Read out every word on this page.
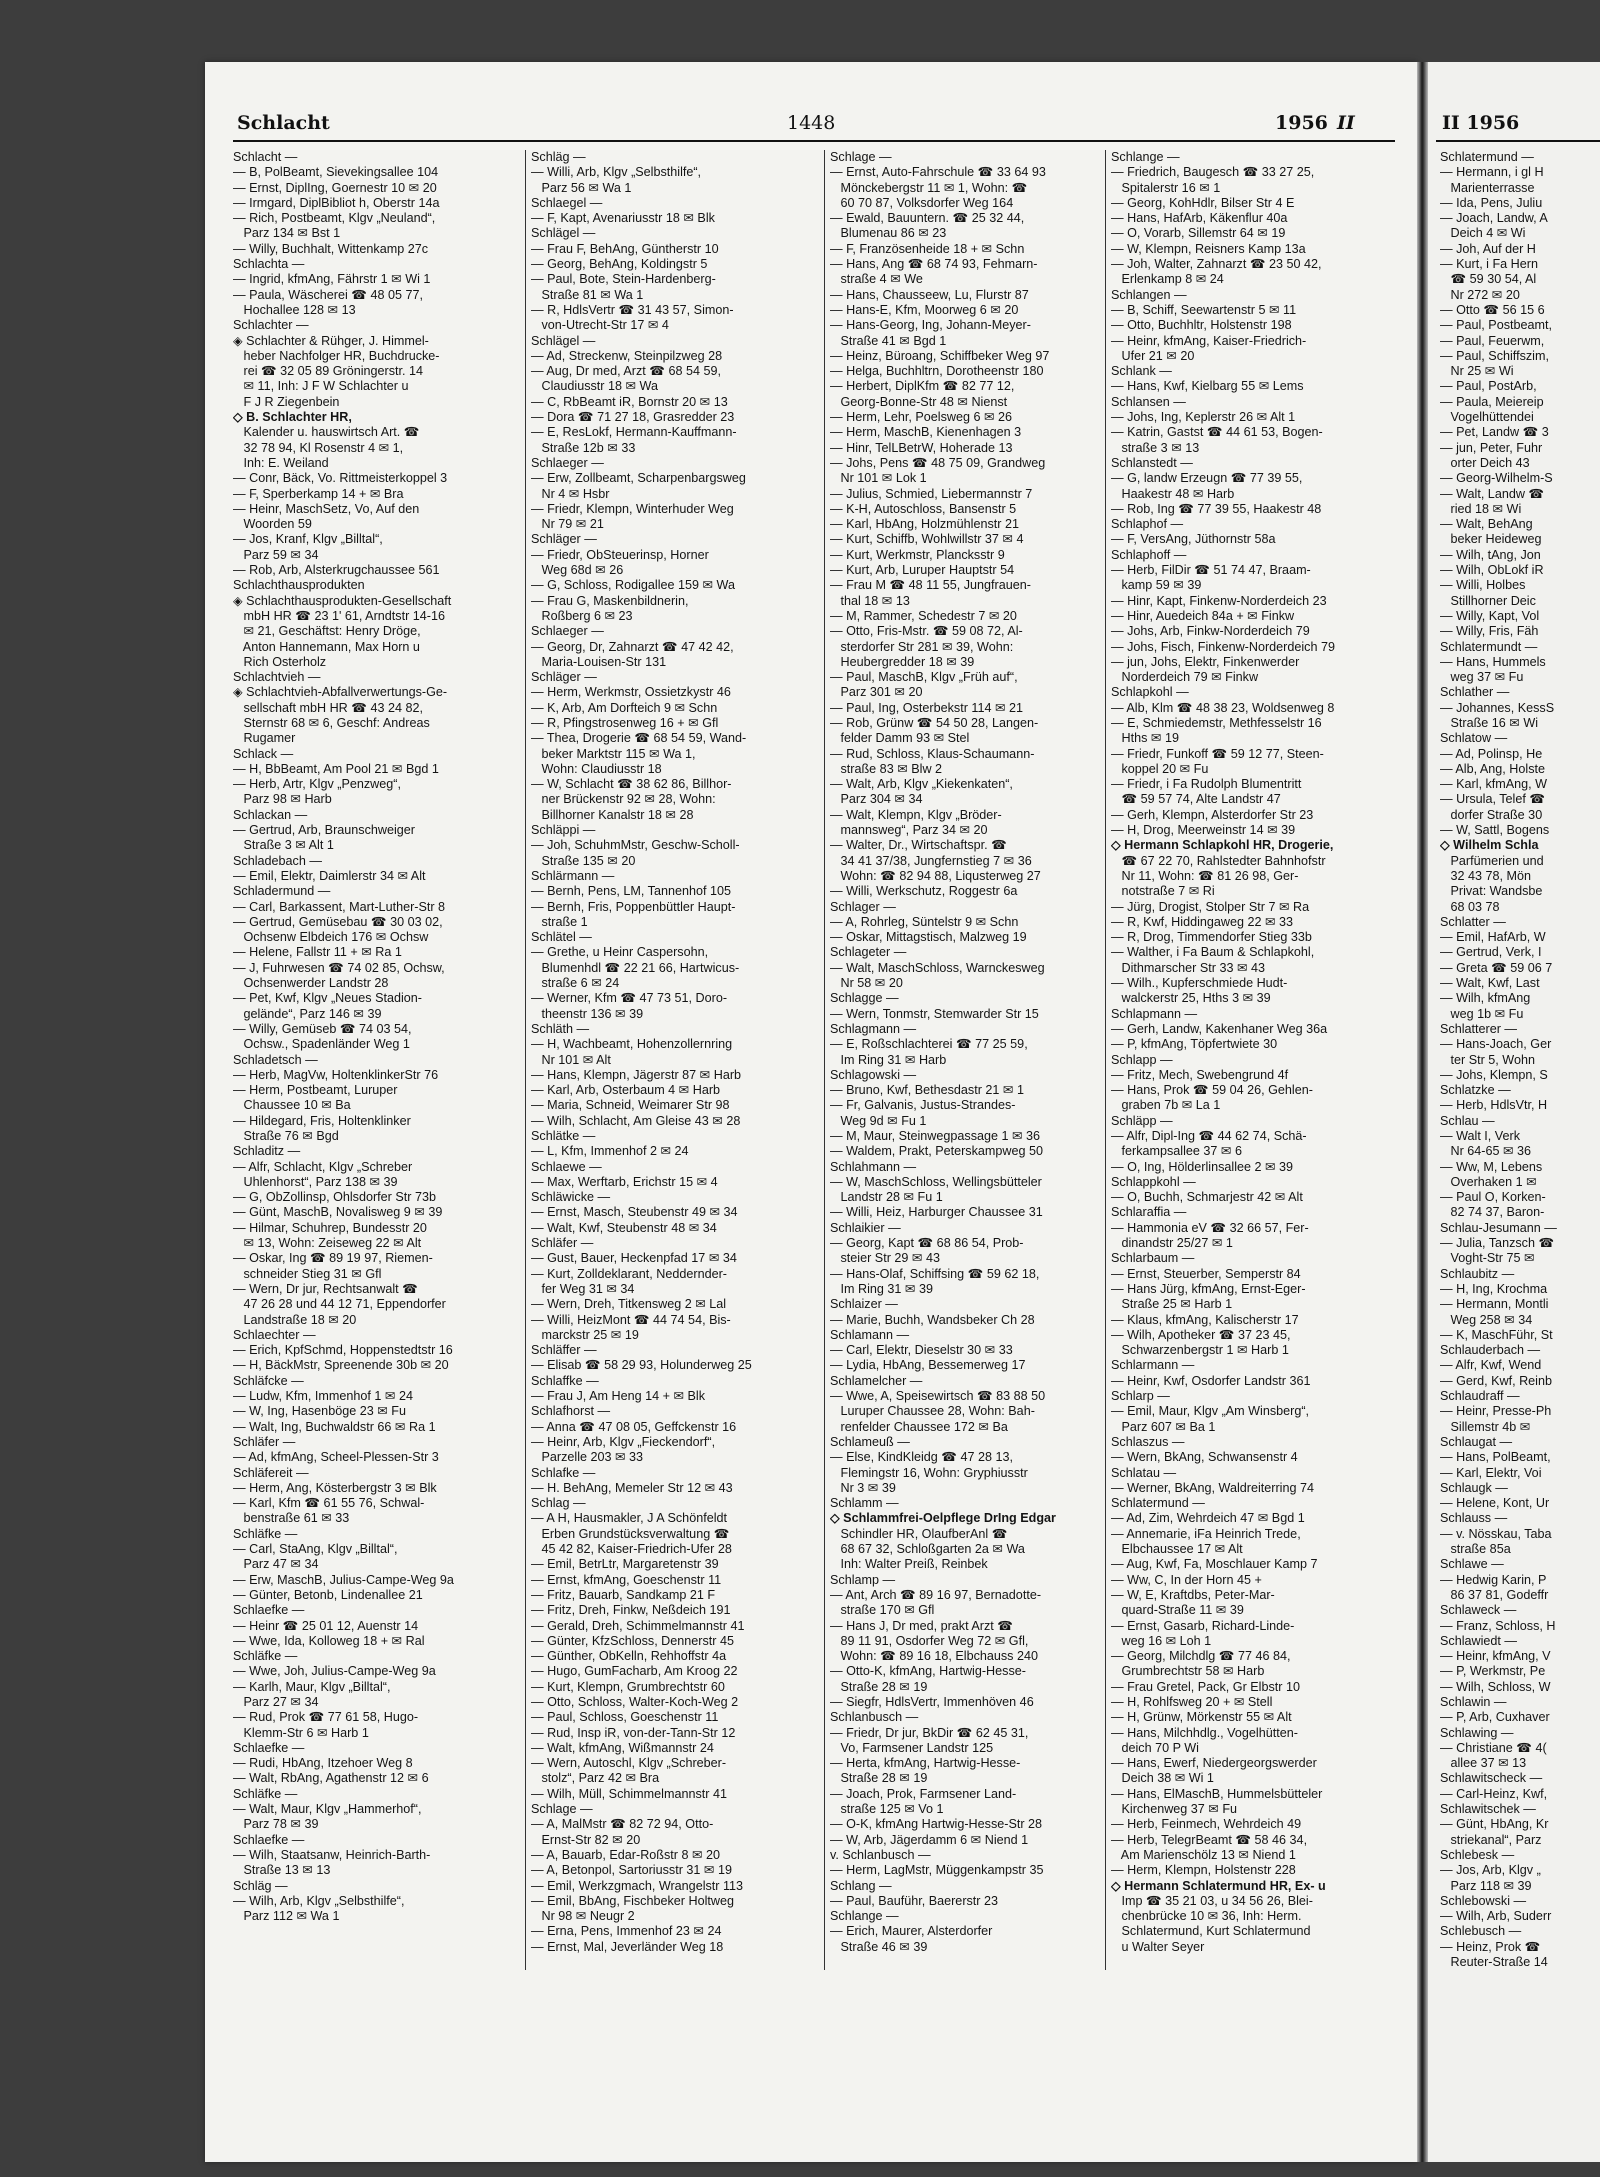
Schlacht	1448	1956 II
Schlacht —
— B, PolBeamt, Sievekingsallee 104
— Ernst, DiplIng, Goernestr 10 ✉ 20
— Irmgard, DiplBibliot h, Oberstr 14a
— Rich, Postbeamt, Klgv „Neuland“,
Parz 134 ✉ Bst 1
— Willy, Buchhalt, Wittenkamp 27c
Schlachta —
— Ingrid, kfmAng, Fährstr 1 ✉ Wi 1
— Paula, Wäscherei ☎ 48 05 77,
Hochallee 128 ✉ 13
Schlachter —
◈ Schlachter & Rühger, J. Himmel-
heber Nachfolger HR, Buchdrucke-
rei ☎ 32 05 89 Gröningerstr. 14
✉ 11, Inh: J F W Schlachter u
F J R Ziegenbein
◇ B. Schlachter HR,
Kalender u. hauswirtsch Art. ☎
32 78 94, Kl Rosenstr 4 ✉ 1,
Inh: E. Weiland
— Conr, Bäck, Vo. Rittmeisterkoppel 3
— F, Sperberkamp 14 + ✉ Bra
— Heinr, MaschSetz, Vo, Auf den
Woorden 59
— Jos, Kranf, Klgv „Billtal“,
Parz 59 ✉ 34
— Rob, Arb, Alsterkrugchaussee 561
Schlachthausprodukten
◈ Schlachthausprodukten-Gesellschaft
mbH HR ☎ 23 1' 61, Arndtstr 14-16
✉ 21, Geschäftst: Henry Dröge,
Anton Hannemann, Max Horn u
Rich Osterholz
Schlachtvieh —
◈ Schlachtvieh-Abfallverwertungs-Ge-
sellschaft mbH HR ☎ 43 24 82,
Sternstr 68 ✉ 6, Geschf: Andreas
Rugamer
Schlack —
— H, BbBeamt, Am Pool 21 ✉ Bgd 1
— Herb, Artr, Klgv „Penzweg“,
Parz 98 ✉ Harb
Schlackan —
— Gertrud, Arb, Braunschweiger
Straße 3 ✉ Alt 1
Schladebach —
— Emil, Elektr, Daimlerstr 34 ✉ Alt
Schladermund —
— Carl, Barkassent, Mart-Luther-Str 8
— Gertrud, Gemüsebau ☎ 30 03 02,
Ochsenw Elbdeich 176 ✉ Ochsw
— Helene, Fallstr 11 + ✉ Ra 1
— J, Fuhrwesen ☎ 74 02 85, Ochsw,
Ochsenwerder Landstr 28
— Pet, Kwf, Klgv „Neues Stadion-
gelände“, Parz 146 ✉ 39
— Willy, Gemüseb ☎ 74 03 54,
Ochsw., Spadenländer Weg 1
Schladetsch —
— Herb, MagVw, HoltenklinkerStr 76
— Herm, Postbeamt, Luruper
Chaussee 10 ✉ Ba
— Hildegard, Fris, Holtenklinker
Straße 76 ✉ Bgd
Schladitz —
— Alfr, Schlacht, Klgv „Schreber
Uhlenhorst“, Parz 138 ✉ 39
— G, ObZollinsp, Ohlsdorfer Str 73b
— Günt, MaschB, Novalisweg 9 ✉ 39
— Hilmar, Schuhrep, Bundesstr 20
✉ 13, Wohn: Zeiseweg 22 ✉ Alt
— Oskar, Ing ☎ 89 19 97, Riemen-
schneider Stieg 31 ✉ Gfl
— Wern, Dr jur, Rechtsanwalt ☎
47 26 28 und 44 12 71, Eppendorfer
Landstraße 18 ✉ 20
Schlaechter —
— Erich, KpfSchmd, Hoppenstedtstr 16
— H, BäckMstr, Spreenende 30b ✉ 20
Schläfcke —
— Ludw, Kfm, Immenhof 1 ✉ 24
— W, Ing, Hasenböge 23 ✉ Fu
— Walt, Ing, Buchwaldstr 66 ✉ Ra 1
Schläfer —
— Ad, kfmAng, Scheel-Plessen-Str 3
Schläfereit —
— Herm, Ang, Kösterbergstr 3 ✉ Blk
— Karl, Kfm ☎ 61 55 76, Schwal-
benstraße 61 ✉ 33
Schläfke —
— Carl, StaAng, Klgv „Billtal“,
Parz 47 ✉ 34
— Erw, MaschB, Julius-Campe-Weg 9a
— Günter, Betonb, Lindenallee 21
Schlaefke —
— Heinr ☎ 25 01 12, Auenstr 14
— Wwe, Ida, Kolloweg 18 + ✉ Ral
Schläfke —
— Wwe, Joh, Julius-Campe-Weg 9a
— Karlh, Maur, Klgv „Billtal“,
Parz 27 ✉ 34
— Rud, Prok ☎ 77 61 58, Hugo-
Klemm-Str 6 ✉ Harb 1
Schlaefke —
— Rudi, HbAng, Itzehoer Weg 8
— Walt, RbAng, Agathenstr 12 ✉ 6
Schläfke —
— Walt, Maur, Klgv „Hammerhof“,
Parz 78 ✉ 39
Schlaefke —
— Wilh, Staatsanw, Heinrich-Barth-
Straße 13 ✉ 13
Schläg —
— Wilh, Arb, Klgv „Selbsthilfe“,
Parz 112 ✉ Wa 1
Schläg —
— Willi, Arb, Klgv „Selbsthilfe“,
Parz 56 ✉ Wa 1
Schlaegel —
— F, Kapt, Avenariusstr 18 ✉ Blk
Schlägel —
— Frau F, BehAng, Güntherstr 10
— Georg, BehAng, Koldingstr 5
— Paul, Bote, Stein-Hardenberg-
Straße 81 ✉ Wa 1
— R, HdlsVertr ☎ 31 43 57, Simon-
von-Utrecht-Str 17 ✉ 4
Schlägel —
— Ad, Streckenw, Steinpilzweg 28
— Aug, Dr med, Arzt ☎ 68 54 59,
Claudiusstr 18 ✉ Wa
— C, RbBeamt iR, Bornstr 20 ✉ 13
— Dora ☎ 71 27 18, Grasredder 23
— E, ResLokf, Hermann-Kauffmann-
Straße 12b ✉ 33
Schlaeger —
— Erw, Zollbeamt, Scharpenbargsweg
Nr 4 ✉ Hsbr
— Friedr, Klempn, Winterhuder Weg
Nr 79 ✉ 21
Schläger —
— Friedr, ObSteuerinsp, Horner
Weg 68d ✉ 26
— G, Schloss, Rodigallee 159 ✉ Wa
— Frau G, Maskenbildnerin,
Roßberg 6 ✉ 23
Schlaeger —
— Georg, Dr, Zahnarzt ☎ 47 42 42,
Maria-Louisen-Str 131
Schläger —
— Herm, Werkmstr, Ossietzkystr 46
— K, Arb, Am Dorfteich 9 ✉ Schn
— R, Pfingstrosenweg 16 + ✉ Gfl
— Thea, Drogerie ☎ 68 54 59, Wand-
beker Marktstr 115 ✉ Wa 1,
Wohn: Claudiusstr 18
— W, Schlacht ☎ 38 62 86, Billhor-
ner Brückenstr 92 ✉ 28, Wohn:
Billhorner Kanalstr 18 ✉ 28
Schläppi —
— Joh, SchuhmMstr, Geschw-Scholl-
Straße 135 ✉ 20
Schlärmann —
— Bernh, Pens, LM, Tannenhof 105
— Bernh, Fris, Poppenbüttler Haupt-
straße 1
Schlätel —
— Grethe, u Heinr Caspersohn,
Blumenhdl ☎ 22 21 66, Hartwicus-
straße 6 ✉ 24
— Werner, Kfm ☎ 47 73 51, Doro-
theenstr 136 ✉ 39
Schläth —
— H, Wachbeamt, Hohenzollernring
Nr 101 ✉ Alt
— Hans, Klempn, Jägerstr 87 ✉ Harb
— Karl, Arb, Osterbaum 4 ✉ Harb
— Maria, Schneid, Weimarer Str 98
— Wilh, Schlacht, Am Gleise 43 ✉ 28
Schlätke —
— L, Kfm, Immenhof 2 ✉ 24
Schlaewe —
— Max, Werftarb, Erichstr 15 ✉ 4
Schläwicke —
— Ernst, Masch, Steubenstr 49 ✉ 34
— Walt, Kwf, Steubenstr 48 ✉ 34
Schläfer —
— Gust, Bauer, Heckenpfad 17 ✉ 34
— Kurt, Zolldeklarant, Neddernder-
fer Weg 31 ✉ 34
— Wern, Dreh, Titkensweg 2 ✉ Lal
— Willi, HeizMont ☎ 44 74 54, Bis-
marckstr 25 ✉ 19
Schläffer —
— Elisab ☎ 58 29 93, Holunderweg 25
Schlaffke —
— Frau J, Am Heng 14 + ✉ Blk
Schlafhorst —
— Anna ☎ 47 08 05, Geffckenstr 16
— Heinr, Arb, Klgv „Fieckendorf“,
Parzelle 203 ✉ 33
Schlafke —
— H. BehAng, Memeler Str 12 ✉ 43
Schlag —
— A H, Hausmakler, J A Schönfeldt
Erben Grundstücksverwaltung ☎
45 42 82, Kaiser-Friedrich-Ufer 28
— Emil, BetrLtr, Margaretenstr 39
— Ernst, kfmAng, Goeschenstr 11
— Fritz, Bauarb, Sandkamp 21 F
— Fritz, Dreh, Finkw, Neßdeich 191
— Gerald, Dreh, Schimmelmannstr 41
— Günter, KfzSchloss, Dennerstr 45
— Günther, ObKelln, Rehhoffstr 4a
— Hugo, GumFacharb, Am Kroog 22
— Kurt, Klempn, Grumbrechtstr 60
— Otto, Schloss, Walter-Koch-Weg 2
— Paul, Schloss, Goeschenstr 11
— Rud, Insp iR, von-der-Tann-Str 12
— Walt, kfmAng, Wißmannstr 24
— Wern, Autoschl, Klgv „Schreber-
stolz“, Parz 42 ✉ Bra
— Wilh, Müll, Schimmelmannstr 41
Schlage —
— A, MalMstr ☎ 82 72 94, Otto-
Ernst-Str 82 ✉ 20
— A, Bauarb, Edar-Roßstr 8 ✉ 20
— A, Betonpol, Sartoriusstr 31 ✉ 19
— Emil, Werkzgmach, Wrangelstr 113
— Emil, BbAng, Fischbeker Holtweg
Nr 98 ✉ Neugr 2
— Erna, Pens, Immenhof 23 ✉ 24
— Ernst, Mal, Jeverländer Weg 18
Schlage —
— Ernst, Auto-Fahrschule ☎ 33 64 93
Mönckebergstr 11 ✉ 1, Wohn: ☎
60 70 87, Volksdorfer Weg 164
— Ewald, Bauuntern. ☎ 25 32 44,
Blumenau 86 ✉ 23
— F, Französenheide 18 + ✉ Schn
— Hans, Ang ☎ 68 74 93, Fehmarn-
straße 4 ✉ We
— Hans, Chausseew, Lu, Flurstr 87
— Hans-E, Kfm, Moorweg 6 ✉ 20
— Hans-Georg, Ing, Johann-Meyer-
Straße 41 ✉ Bgd 1
— Heinz, Büroang, Schiffbeker Weg 97
— Helga, Buchhltrn, Dorotheenstr 180
— Herbert, DiplKfm ☎ 82 77 12,
Georg-Bonne-Str 48 ✉ Nienst
— Herm, Lehr, Poelsweg 6 ✉ 26
— Herm, MaschB, Kienenhagen 3
— Hinr, TelLBetrW, Hoherade 13
— Johs, Pens ☎ 48 75 09, Grandweg
Nr 101 ✉ Lok 1
— Julius, Schmied, Liebermannstr 7
— K-H, Autoschloss, Bansenstr 5
— Karl, HbAng, Holzmühlenstr 21
— Kurt, Schiffb, Wohlwillstr 37 ✉ 4
— Kurt, Werkmstr, Plancksstr 9
— Kurt, Arb, Luruper Hauptstr 54
— Frau M ☎ 48 11 55, Jungfrauen-
thal 18 ✉ 13
— M, Rammer, Schedestr 7 ✉ 20
— Otto, Fris-Mstr. ☎ 59 08 72, Al-
sterdorfer Str 281 ✉ 39, Wohn:
Heubergredder 18 ✉ 39
— Paul, MaschB, Klgv „Früh auf“,
Parz 301 ✉ 20
— Paul, Ing, Osterbekstr 114 ✉ 21
— Rob, Grünw ☎ 54 50 28, Langen-
felder Damm 93 ✉ Stel
— Rud, Schloss, Klaus-Schaumann-
straße 83 ✉ Blw 2
— Walt, Arb, Klgv „Kiekenkaten“,
Parz 304 ✉ 34
— Walt, Klempn, Klgv „Bröder-
mannsweg“, Parz 34 ✉ 20
— Walter, Dr., Wirtschaftspr. ☎
34 41 37/38, Jungfernstieg 7 ✉ 36
Wohn: ☎ 82 94 88, Liqusterweg 27
— Willi, Werkschutz, Roggestr 6a
Schlager —
— A, Rohrleg, Süntelstr 9 ✉ Schn
— Oskar, Mittagstisch, Malzweg 19
Schlageter —
— Walt, MaschSchloss, Warnckesweg
Nr 58 ✉ 20
Schlagge —
— Wern, Tonmstr, Stemwarder Str 15
Schlagmann —
— E, Roßschlachterei ☎ 77 25 59,
Im Ring 31 ✉ Harb
Schlagowski —
— Bruno, Kwf, Bethesdastr 21 ✉ 1
— Fr, Galvanis, Justus-Strandes-
Weg 9d ✉ Fu 1
— M, Maur, Steinwegpassage 1 ✉ 36
— Waldem, Prakt, Peterskampweg 50
Schlahmann —
— W, MaschSchloss, Wellingsbütteler
Landstr 28 ✉ Fu 1
— Willi, Heiz, Harburger Chaussee 31
Schlaikier —
— Georg, Kapt ☎ 68 86 54, Prob-
steier Str 29 ✉ 43
— Hans-Olaf, Schiffsing ☎ 59 62 18,
Im Ring 31 ✉ 39
Schlaizer —
— Marie, Buchh, Wandsbeker Ch 28
Schlamann —
— Carl, Elektr, Dieselstr 30 ✉ 33
— Lydia, HbAng, Bessemerweg 17
Schlamelcher —
— Wwe, A, Speisewirtsch ☎ 83 88 50
Luruper Chaussee 28, Wohn: Bah-
renfelder Chaussee 172 ✉ Ba
Schlameuß —
— Else, KindKleidg ☎ 47 28 13,
Flemingstr 16, Wohn: Gryphiusstr
Nr 3 ✉ 39
Schlamm —
◇ Schlammfrei-Oelpflege DrIng Edgar
Schindler HR, OlaufberAnl ☎
68 67 32, Schloßgarten 2a ✉ Wa
Inh: Walter Preiß, Reinbek
Schlamp —
— Ant, Arch ☎ 89 16 97, Bernadotte-
straße 170 ✉ Gfl
— Hans J, Dr med, prakt Arzt ☎
89 11 91, Osdorfer Weg 72 ✉ Gfl,
Wohn: ☎ 89 16 18, Elbchauss 240
— Otto-K, kfmAng, Hartwig-Hesse-
Straße 28 ✉ 19
— Siegfr, HdlsVertr, Immenhöven 46
Schlanbusch —
— Friedr, Dr jur, BkDir ☎ 62 45 31,
Vo, Farmsener Landstr 125
— Herta, kfmAng, Hartwig-Hesse-
Straße 28 ✉ 19
— Joach, Prok, Farmsener Land-
straße 125 ✉ Vo 1
— O-K, kfmAng Hartwig-Hesse-Str 28
— W, Arb, Jägerdamm 6 ✉ Niend 1
v. Schlanbusch —
— Herm, LagMstr, Müggenkampstr 35
Schlang —
— Paul, Bauführ, Baererstr 23
Schlange —
— Erich, Maurer, Alsterdorfer
Straße 46 ✉ 39
Schlange —
— Friedrich, Baugesch ☎ 33 27 25,
Spitalerstr 16 ✉ 1
— Georg, KohHdlr, Bilser Str 4 E
— Hans, HafArb, Käkenflur 40a
— O, Vorarb, Sillemstr 64 ✉ 19
— W, Klempn, Reisners Kamp 13a
— Joh, Walter, Zahnarzt ☎ 23 50 42,
Erlenkamp 8 ✉ 24
Schlangen —
— B, Schiff, Seewartenstr 5 ✉ 11
— Otto, Buchhltr, Holstenstr 198
— Heinr, kfmAng, Kaiser-Friedrich-
Ufer 21 ✉ 20
Schlank —
— Hans, Kwf, Kielbarg 55 ✉ Lems
Schlansen —
— Johs, Ing, Keplerstr 26 ✉ Alt 1
— Katrin, Gastst ☎ 44 61 53, Bogen-
straße 3 ✉ 13
Schlanstedt —
— G, landw Erzeugn ☎ 77 39 55,
Haakestr 48 ✉ Harb
— Rob, Ing ☎ 77 39 55, Haakestr 48
Schlaphof —
— F, VersAng, Jüthornstr 58a
Schlaphoff —
— Herb, FilDir ☎ 51 74 47, Braam-
kamp 59 ✉ 39
— Hinr, Kapt, Finkenw-Norderdeich 23
— Hinr, Auedeich 84a + ✉ Finkw
— Johs, Arb, Finkw-Norderdeich 79
— Johs, Fisch, Finkenw-Norderdeich 79
— jun, Johs, Elektr, Finkenwerder
Norderdeich 79 ✉ Finkw
Schlapkohl —
— Alb, Klm ☎ 48 38 23, Woldsenweg 8
— E, Schmiedemstr, Methfesselstr 16
Hths ✉ 19
— Friedr, Funkoff ☎ 59 12 77, Steen-
koppel 20 ✉ Fu
— Friedr, i Fa Rudolph Blumentritt
☎ 59 57 74, Alte Landstr 47
— Gerh, Klempn, Alsterdorfer Str 23
— H, Drog, Meerweinstr 14 ✉ 39
◇ Hermann Schlapkohl HR, Drogerie,
☎ 67 22 70, Rahlstedter Bahnhofstr
Nr 11, Wohn: ☎ 81 26 98, Ger-
notstraße 7 ✉ Ri
— Jürg, Drogist, Stolper Str 7 ✉ Ra
— R, Kwf, Hiddingaweg 22 ✉ 33
— R, Drog, Timmendorfer Stieg 33b
— Walther, i Fa Baum & Schlapkohl,
Dithmarscher Str 33 ✉ 43
— Wilh., Kupferschmiede Hudt-
walckerstr 25, Hths 3 ✉ 39
Schlapmann —
— Gerh, Landw, Kakenhaner Weg 36a
— P, kfmAng, Töpfertwiete 30
Schlapp —
— Fritz, Mech, Swebengrund 4f
— Hans, Prok ☎ 59 04 26, Gehlen-
graben 7b ✉ La 1
Schläpp —
— Alfr, Dipl-Ing ☎ 44 62 74, Schä-
ferkampsallee 37 ✉ 6
— O, Ing, Hölderlinsallee 2 ✉ 39
Schlappkohl —
— O, Buchh, Schmarjestr 42 ✉ Alt
Schlaraffia —
— Hammonia eV ☎ 32 66 57, Fer-
dinandstr 25/27 ✉ 1
Schlarbaum —
— Ernst, Steuerber, Semperstr 84
— Hans Jürg, kfmAng, Ernst-Eger-
Straße 25 ✉ Harb 1
— Klaus, kfmAng, Kalischerstr 17
— Wilh, Apotheker ☎ 37 23 45,
Schwarzenbergstr 1 ✉ Harb 1
Schlarmann —
— Heinr, Kwf, Osdorfer Landstr 361
Schlarp —
— Emil, Maur, Klgv „Am Winsberg“,
Parz 607 ✉ Ba 1
Schlaszus —
— Wern, BkAng, Schwansenstr 4
Schlatau —
— Werner, BkAng, Waldreiterring 74
Schlatermund —
— Ad, Zim, Wehrdeich 47 ✉ Bgd 1
— Annemarie, iFa Heinrich Trede,
Elbchaussee 17 ✉ Alt
— Aug, Kwf, Fa, Moschlauer Kamp 7
— Ww, C, In der Horn 45 +
— W, E, Kraftdbs, Peter-Mar-
quard-Straße 11 ✉ 39
— Ernst, Gasarb, Richard-Linde-
weg 16 ✉ Loh 1
— Georg, Milchdlg ☎ 77 46 84,
Grumbrechtstr 58 ✉ Harb
— Frau Gretel, Pack, Gr Elbstr 10
— H, Rohlfsweg 20 + ✉ Stell
— H, Grünw, Mörkenstr 55 ✉ Alt
— Hans, Milchhdlg., Vogelhütten-
deich 70 P Wi
— Hans, Ewerf, Niedergeorgswerder
Deich 38 ✉ Wi 1
— Hans, ElMaschB, Hummelsbütteler
Kirchenweg 37 ✉ Fu
— Herb, Feinmech, Wehrdeich 49
— Herb, TelegrBeamt ☎ 58 46 34,
Am Marienschölz 13 ✉ Niend 1
— Herm, Klempn, Holstenstr 228
◇ Hermann Schlatermund HR, Ex- u
Imp ☎ 35 21 03, u 34 56 26, Blei-
chenbrücke 10 ✉ 36, Inh: Herm.
Schlatermund, Kurt Schlatermund
u Walter Seyer
II 1956
Schlatermund —
— Hermann, i gl H
Marienterrasse
— Ida, Pens, Juliu
— Joach, Landw, A
Deich 4 ✉ Wi
— Joh, Auf der H
— Kurt, i Fa Hern
☎ 59 30 54, Al
Nr 272 ✉ 20
— Otto ☎ 56 15 6
— Paul, Postbeamt,
— Paul, Feuerwm,
— Paul, Schiffszim,
Nr 25 ✉ Wi
— Paul, PostArb,
— Paula, Meiereip
Vogelhüttendei
— Pet, Landw ☎ 3
— jun, Peter, Fuhr
orter Deich 43
— Georg-Wilhelm-S
— Walt, Landw ☎
ried 18 ✉ Wi
— Walt, BehAng
beker Heideweg
— Wilh, tAng, Jon
— Wilh, ObLokf iR
— Willi, Holbes
Stillhorner Deic
— Willy, Kapt, Vol
— Willy, Fris, Fäh
Schlatermundt —
— Hans, Hummels
weg 37 ✉ Fu
Schlather —
— Johannes, KessS
Straße 16 ✉ Wi
Schlatow —
— Ad, Polinsp, He
— Alb, Ang, Holste
— Karl, kfmAng, W
— Ursula, Telef ☎
dorfer Straße 30
— W, Sattl, Bogens
◇ Wilhelm Schla
Parfümerien und
32 43 78, Mön
Privat: Wandsbe
68 03 78
Schlatter —
— Emil, HafArb, W
— Gertrud, Verk, I
— Greta ☎ 59 06 7
— Walt, Kwf, Last
— Wilh, kfmAng
weg 1b ✉ Fu
Schlatterer —
— Hans-Joach, Ger
ter Str 5, Wohn
— Johs, Klempn, S
Schlatzke —
— Herb, HdlsVtr, H
Schlau —
— Walt I, Verk
Nr 64-65 ✉ 36
— Ww, M, Lebens
Overhaken 1 ✉
— Paul O, Korken-
82 74 37, Baron-
Schlau-Jesumann —
— Julia, Tanzsch ☎
Voght-Str 75 ✉
Schlaubitz —
— H, Ing, Krochma
— Hermann, Montli
Weg 258 ✉ 34
— K, MaschFühr, St
Schlauderbach —
— Alfr, Kwf, Wend
— Gerd, Kwf, Reinb
Schlaudraff —
— Heinr, Presse-Ph
Sillemstr 4b ✉
Schlaugat —
— Hans, PolBeamt,
— Karl, Elektr, Voi
Schlaugk —
— Helene, Kont, Ur
Schlauss —
— v. Nösskau, Taba
straße 85a
Schlawe —
— Hedwig Karin, P
86 37 81, Godeffr
Schlaweck —
— Franz, Schloss, H
Schlawiedt —
— Heinr, kfmAng, V
— P, Werkmstr, Pe
— Wilh, Schloss, W
Schlawin —
— P, Arb, Cuxhaver
Schlawing —
— Christiane ☎ 4(
allee 37 ✉ 13
Schlawitscheck —
— Carl-Heinz, Kwf,
Schlawitschek —
— Günt, HbAng, Kr
striekanal“, Parz
Schlebesk —
— Jos, Arb, Klgv „
Parz 118 ✉ 39
Schlebowski —
— Wilh, Arb, Suderr
Schlebusch —
— Heinz, Prok ☎
Reuter-Straße 14
